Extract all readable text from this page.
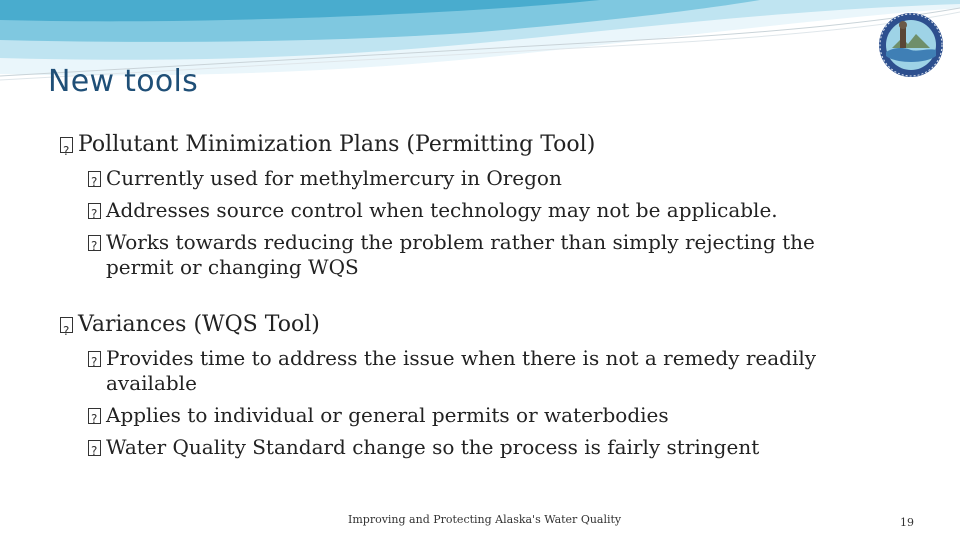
New tools
?
Pollutant Minimization Plans (Permitting Tool)
?
Currently used for methylmercury in Oregon
?
Addresses source control when technology may not be applicable.
?
Works towards reducing the problem rather than simply rejecting the permit or changing WQS
?
Variances (WQS Tool)
?
Provides time to address the issue when there is not a remedy readily available
?
Applies to individual or general permits or waterbodies
?
Water Quality Standard change so the process is fairly stringent
Improving and Protecting Alaska's Water Quality	19
